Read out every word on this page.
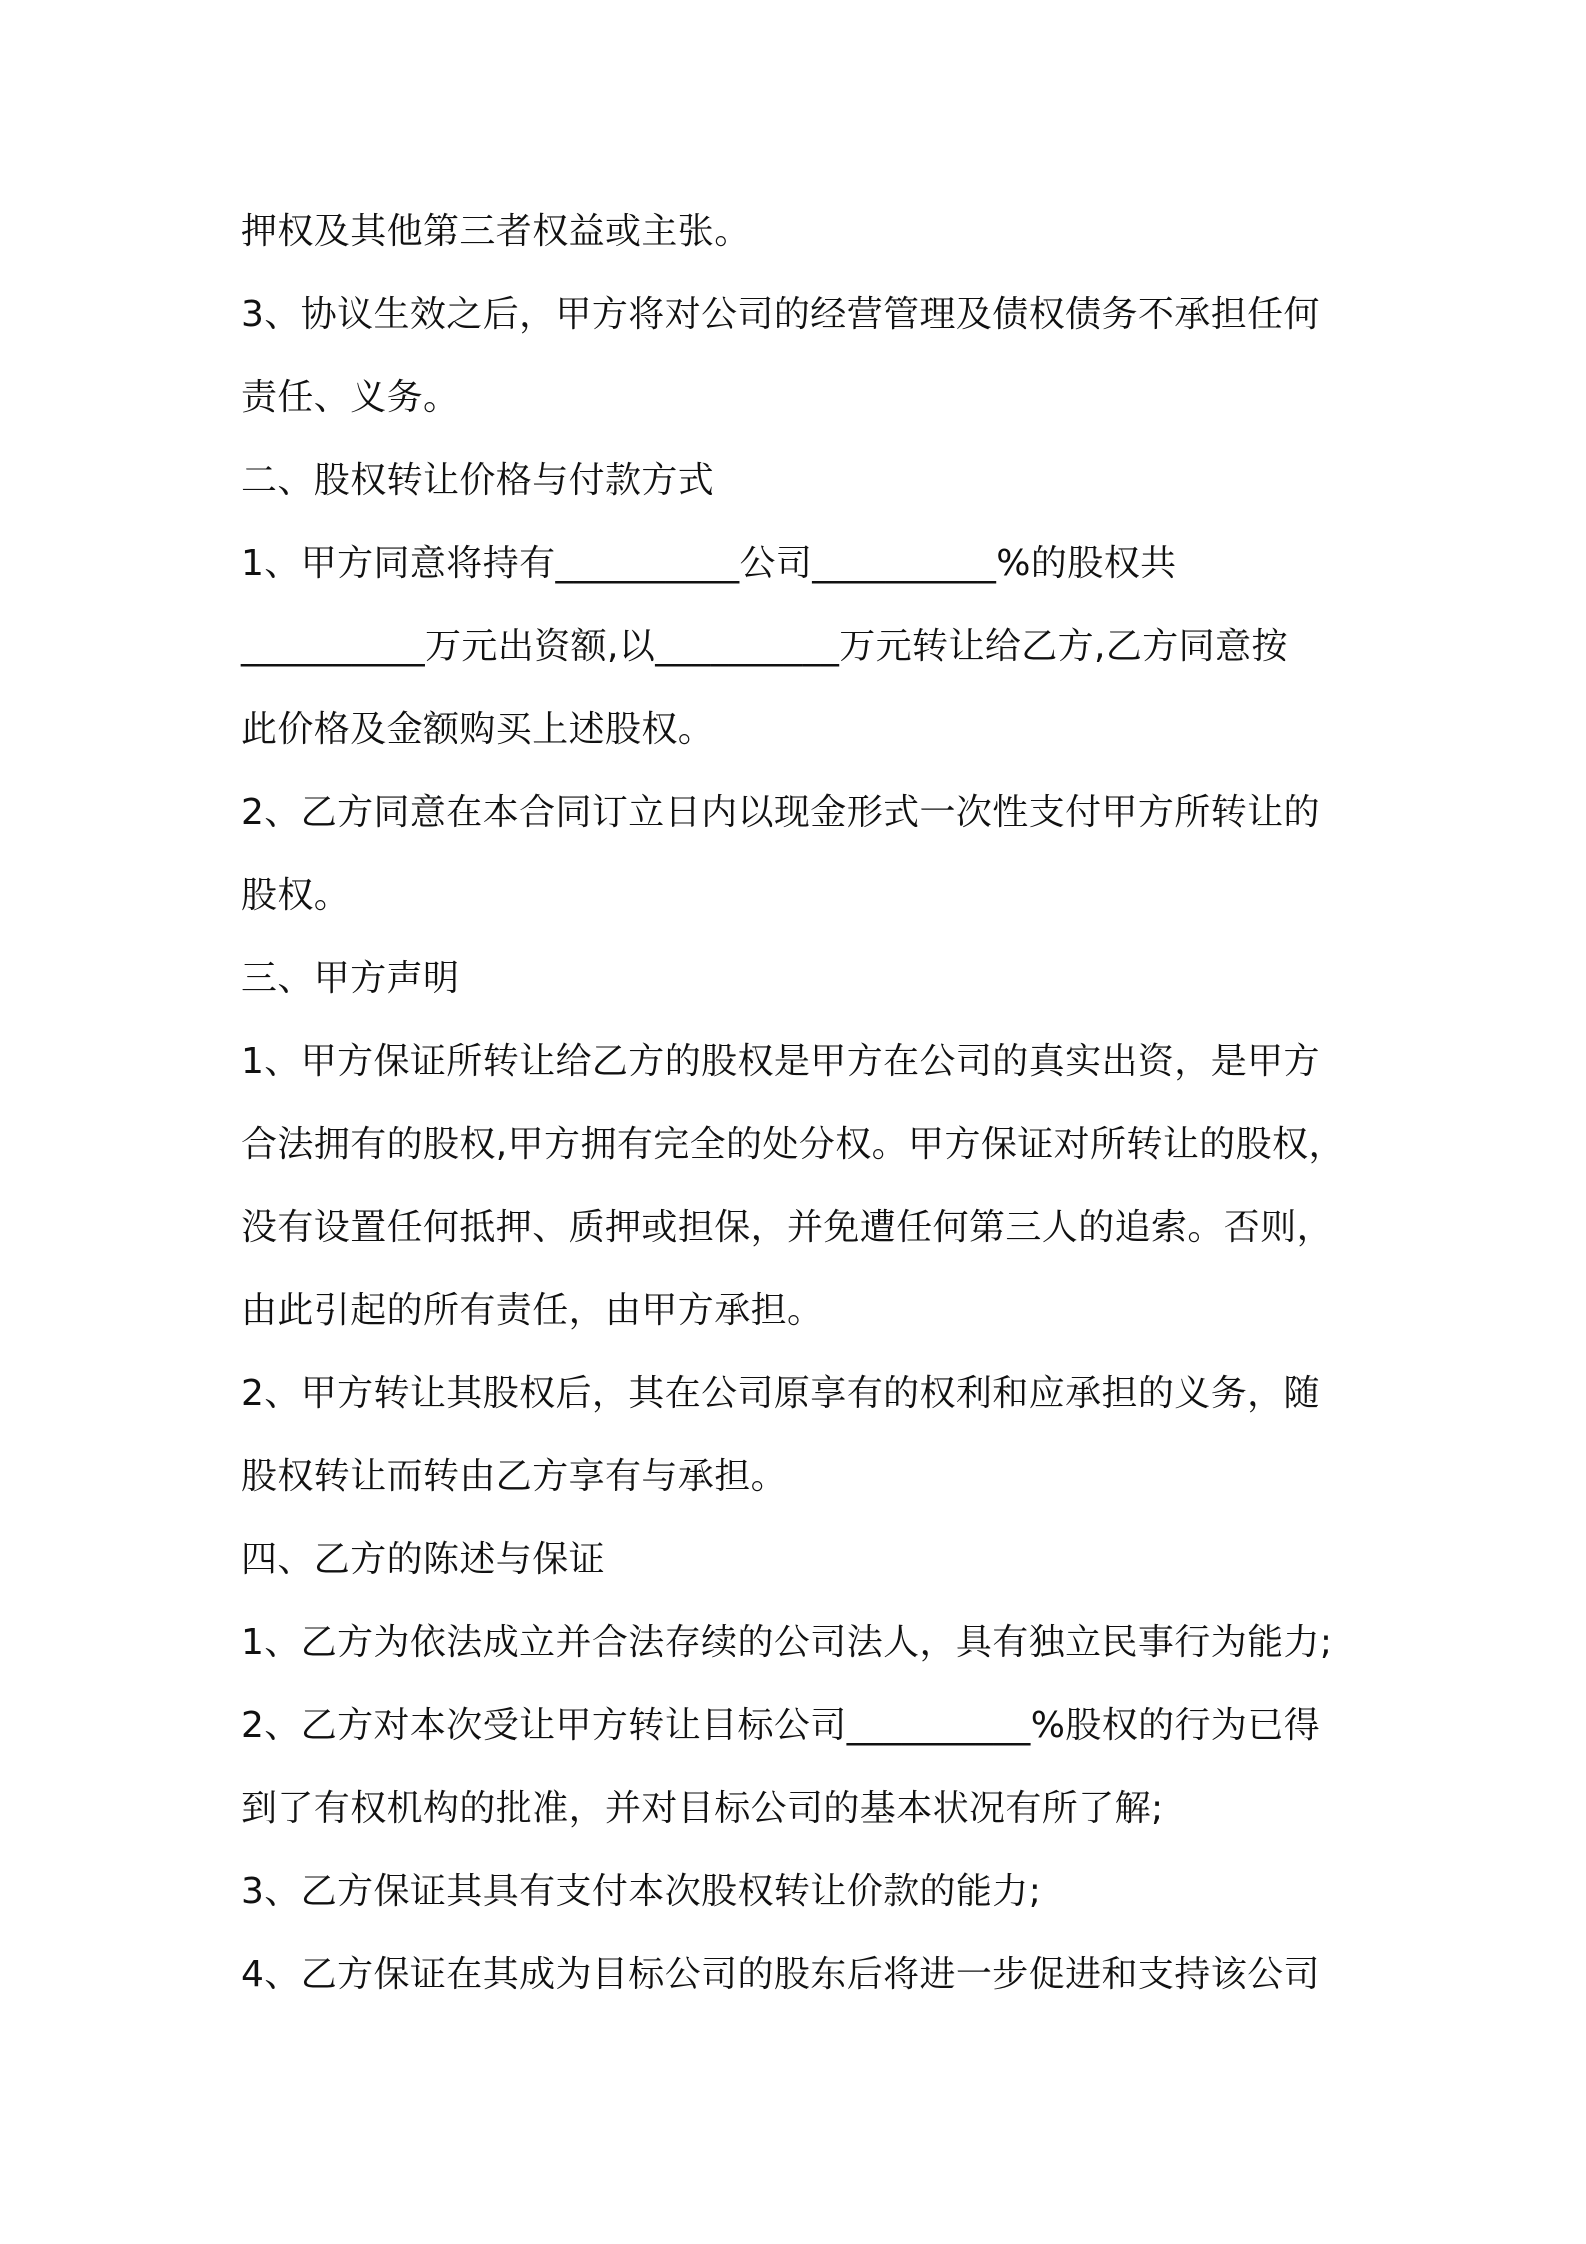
押权及其他第三者权益或主张。
3、协议生效之后，甲方将对公司的经营管理及债权债务不承担任何
责任、义务。
二、股权转让价格与付款方式
1、甲方同意将持有__________公司__________%的股权共
__________万元出资额,以__________万元转让给乙方,乙方同意按
此价格及金额购买上述股权。
2、乙方同意在本合同订立日内以现金形式一次性支付甲方所转让的
股权。
三、甲方声明
1、甲方保证所转让给乙方的股权是甲方在公司的真实出资，是甲方
合法拥有的股权,甲方拥有完全的处分权。甲方保证对所转让的股权，
没有设置任何抵押、质押或担保，并免遭任何第三人的追索。否则，
由此引起的所有责任，由甲方承担。
2、甲方转让其股权后，其在公司原享有的权利和应承担的义务，随
股权转让而转由乙方享有与承担。
四、乙方的陈述与保证
1、乙方为依法成立并合法存续的公司法人，具有独立民事行为能力;
2、乙方对本次受让甲方转让目标公司__________%股权的行为已得
到了有权机构的批准，并对目标公司的基本状况有所了解;
3、乙方保证其具有支付本次股权转让价款的能力;
4、乙方保证在其成为目标公司的股东后将进一步促进和支持该公司
